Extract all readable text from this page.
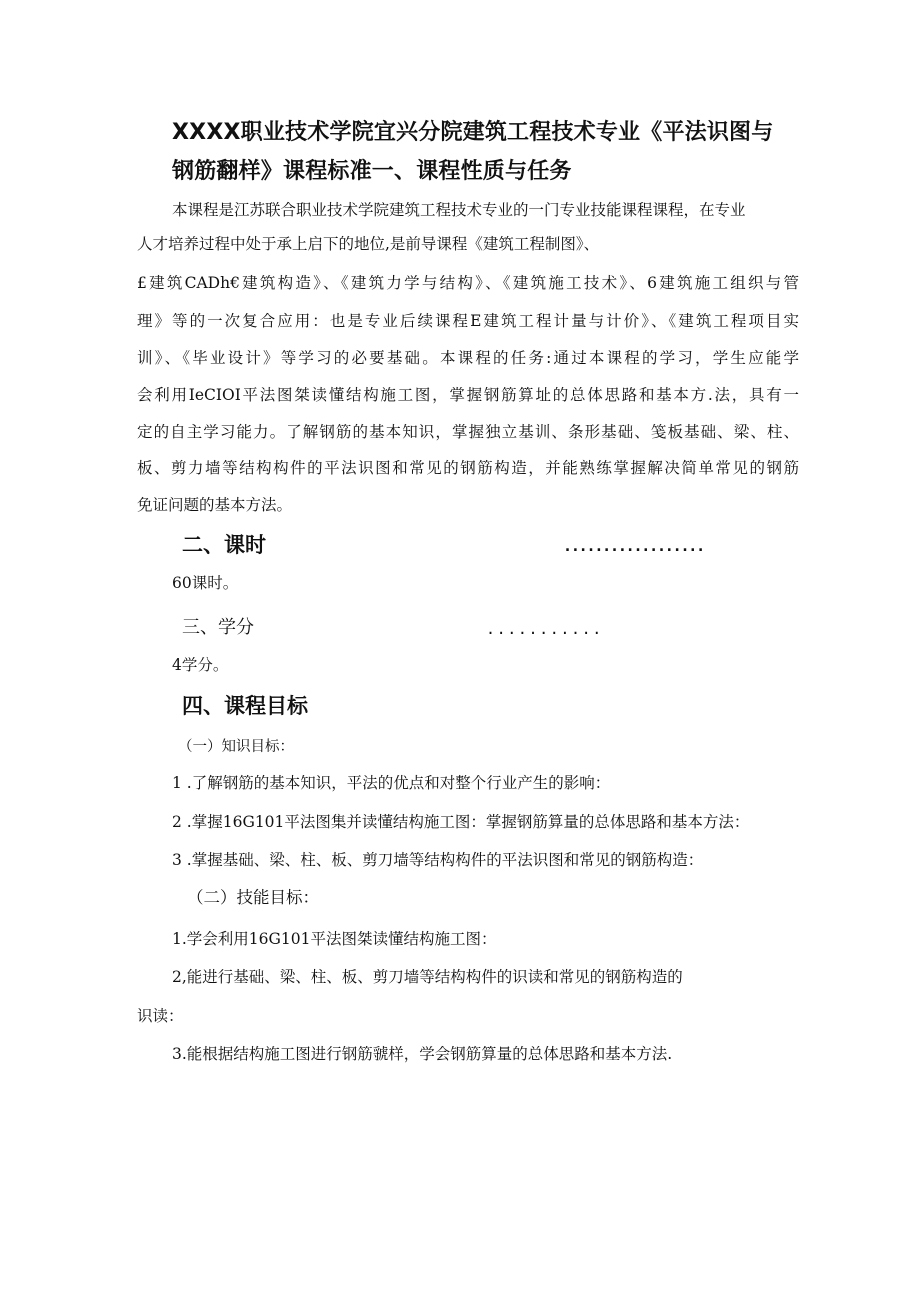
XXXX职业技术学院宜兴分院建筑工程技术专业《平法识图与
钢筋翻样》课程标准一、课程性质与任务
本课程是江苏联合职业技术学院建筑工程技术专业的一门专业技能课程课程，在专业
人才培养过程中处于承上启下的地位,是前导课程《建筑工程制图》、
£建筑CADh€建筑构造》、《建筑力学与结构》、《建筑施工技术》、6建筑施工组织与管
理》等的一次复合应用：也是专业后续课程E建筑工程计量与计价》、《建筑工程项目实
训》、《毕业设计》等学习的必要基础。本课程的任务:通过本课程的学习，学生应能学
会利用IeCIOI平法图桀读懂结构施工图，掌握钢筋算址的总体思路和基本方.法，具有一
定的自主学习能力。了解钢筋的基本知识，掌握独立基训、条形基础、笺板基础、梁、柱、
板、剪力墙等结构构件的平法识图和常见的钢筋构造，并能熟练掌握解决简单常见的钢筋
免证问题的基本方法。
二、课时	..................
60课时。
三、学分	...........
4学分。
四、课程目标
（一）知识目标：
1 .了解钢筋的基本知识，平法的优点和对整个行业产生的影响：
2 .掌握16G101平法图集并读懂结构施工图：掌握钢筋算量的总体思路和基本方法：
3 .掌握基础、梁、柱、板、剪刀墙等结构构件的平法识图和常见的钢筋构造：
（二）技能目标：
1.学会利用16G101平法图桀读懂结构施工图：
2,能进行基础、梁、柱、板、剪刀墙等结构构件的识读和常见的钢筋构造的
识读：
3.能根据结构施工图进行钢筋虢样，学会钢筋算量的总体思路和基本方法.
